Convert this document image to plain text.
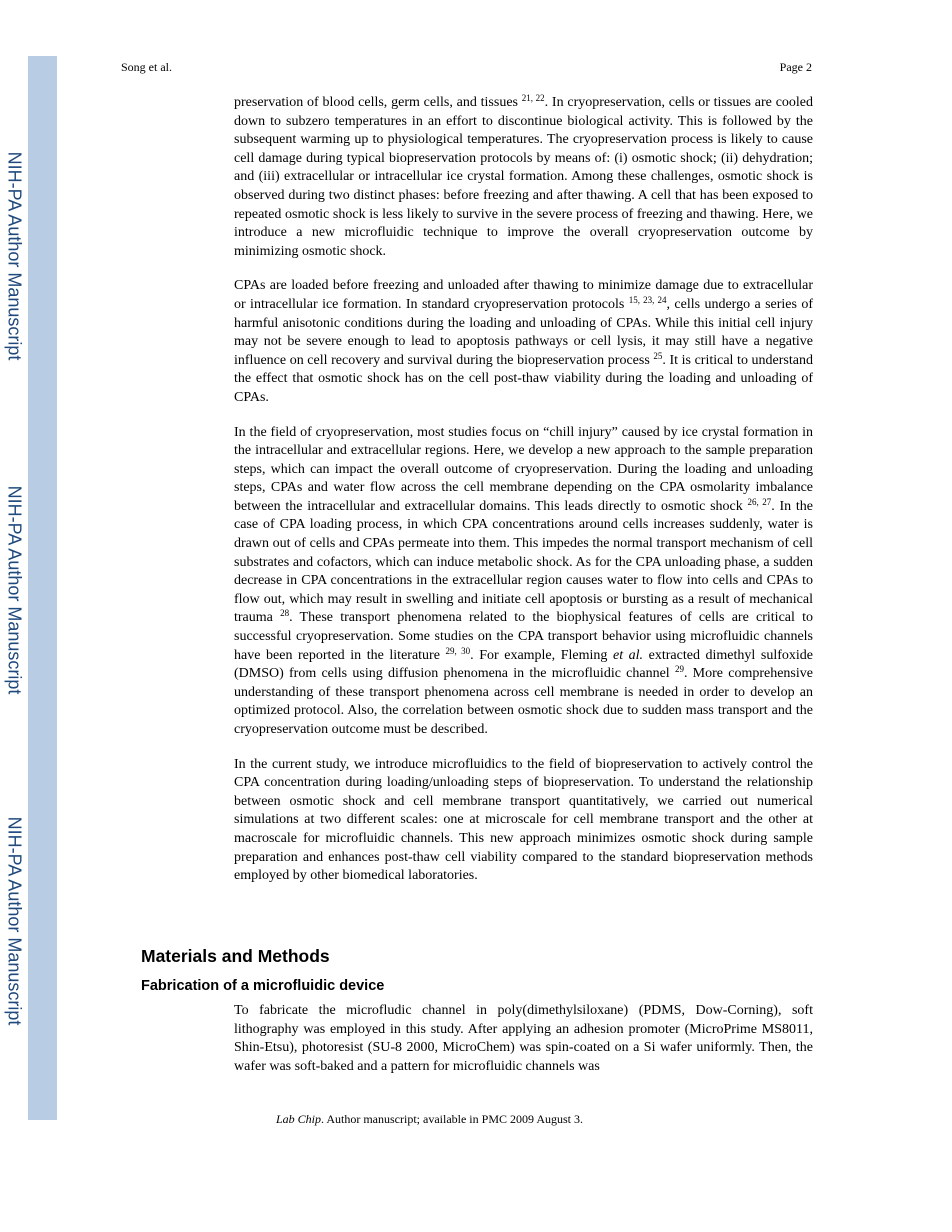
NIH-PA Author Manuscript
NIH-PA Author Manuscript
NIH-PA Author Manuscript
Song et al.	Page 2

preservation of blood cells, germ cells, and tissues $^{21, 22}$. In cryopreservation, cells or tissues are cooled down to subzero temperatures in an effort to discontinue biological activity. This is followed by the subsequent warming up to physiological temperatures. The cryopreservation process is likely to cause cell damage during typical biopreservation protocols by means of: (i) osmotic shock; (ii) dehydration; and (iii) extracellular or intracellular ice crystal formation. Among these challenges, osmotic shock is observed during two distinct phases: before freezing and after thawing. A cell that has been exposed to repeated osmotic shock is less likely to survive in the severe process of freezing and thawing. Here, we introduce a new microfluidic technique to improve the overall cryopreservation outcome by minimizing osmotic shock.

CPAs are loaded before freezing and unloaded after thawing to minimize damage due to extracellular or intracellular ice formation. In standard cryopreservation protocols $^{15, 23, 24}$, cells undergo a series of harmful anisotonic conditions during the loading and unloading of CPAs. While this initial cell injury may not be severe enough to lead to apoptosis pathways or cell lysis, it may still have a negative influence on cell recovery and survival during the biopreservation process $^{25}$. It is critical to understand the effect that osmotic shock has on the cell post-thaw viability during the loading and unloading of CPAs.

In the field of cryopreservation, most studies focus on “chill injury” caused by ice crystal formation in the intracellular and extracellular regions. Here, we develop a new approach to the sample preparation steps, which can impact the overall outcome of cryopreservation. During the loading and unloading steps, CPAs and water flow across the cell membrane depending on the CPA osmolarity imbalance between the intracellular and extracellular domains. This leads directly to osmotic shock $^{26, 27}$. In the case of CPA loading process, in which CPA concentrations around cells increases suddenly, water is drawn out of cells and CPAs permeate into them. This impedes the normal transport mechanism of cell substrates and cofactors, which can induce metabolic shock. As for the CPA unloading phase, a sudden decrease in CPA concentrations in the extracellular region causes water to flow into cells and CPAs to flow out, which may result in swelling and initiate cell apoptosis or bursting as a result of mechanical trauma $^{28}$. These transport phenomena related to the biophysical features of cells are critical to successful cryopreservation. Some studies on the CPA transport behavior using microfluidic channels have been reported in the literature $^{29, 30}$. For example, Fleming et al. extracted dimethyl sulfoxide (DMSO) from cells using diffusion phenomena in the microfluidic channel $^{29}$. More comprehensive understanding of these transport phenomena across cell membrane is needed in order to develop an optimized protocol. Also, the correlation between osmotic shock due to sudden mass transport and the cryopreservation outcome must be described.

In the current study, we introduce microfluidics to the field of biopreservation to actively control the CPA concentration during loading/unloading steps of biopreservation. To understand the relationship between osmotic shock and cell membrane transport quantitatively, we carried out numerical simulations at two different scales: one at microscale for cell membrane transport and the other at macroscale for microfluidic channels. This new approach minimizes osmotic shock during sample preparation and enhances post-thaw cell viability compared to the standard biopreservation methods employed by other biomedical laboratories.

Materials and Methods
Fabrication of a microfluidic device

To fabricate the microfludic channel in poly(dimethylsiloxane) (PDMS, Dow-Corning), soft lithography was employed in this study. After applying an adhesion promoter (MicroPrime MS8011, Shin-Etsu), photoresist (SU-8 2000, MicroChem) was spin-coated on a Si wafer uniformly. Then, the wafer was soft-baked and a pattern for microfluidic channels was

Lab Chip. Author manuscript; available in PMC 2009 August 3.
